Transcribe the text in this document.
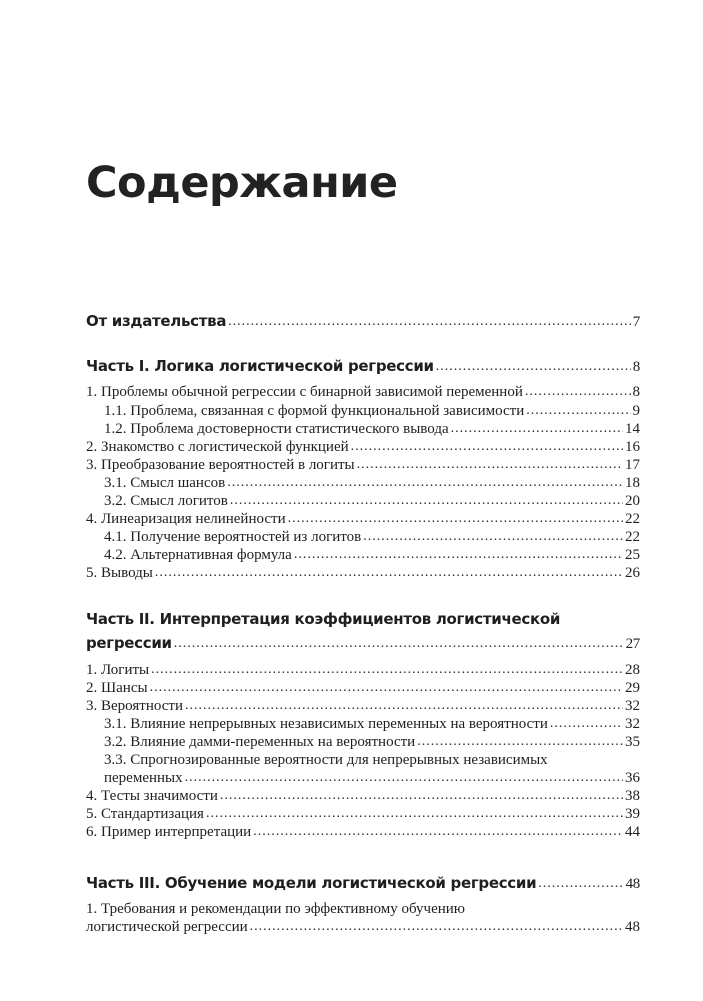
Содержание
От издательства .....	7
Часть I. Логика логистической регрессии .....	8
1. Проблемы обычной регрессии с бинарной зависимой переменной .....	8
1.1. Проблема, связанная с формой функциональной зависимости .....	9
1.2. Проблема достоверности статистического вывода .....	14
2. Знакомство с логистической функцией .....	16
3. Преобразование вероятностей в логиты .....	17
3.1. Смысл шансов .....	18
3.2. Смысл логитов .....	20
4. Линеаризация нелинейности .....	22
4.1. Получение вероятностей из логитов .....	22
4.2. Альтернативная формула .....	25
5. Выводы .....	26
Часть II. Интерпретация коэффициентов логистической
регрессии .....	27
1. Логиты .....	28
2. Шансы .....	29
3. Вероятности .....	32
3.1. Влияние непрерывных независимых переменных на вероятности .....	32
3.2. Влияние дамми-переменных на вероятности .....	35
3.3. Спрогнозированные вероятности для непрерывных независимых
переменных .....	36
4. Тесты значимости .....	38
5. Стандартизация .....	39
6. Пример интерпретации .....	44
Часть III. Обучение модели логистической регрессии .....	48
1. Требования и рекомендации по эффективному обучению
логистической регрессии .....	48
